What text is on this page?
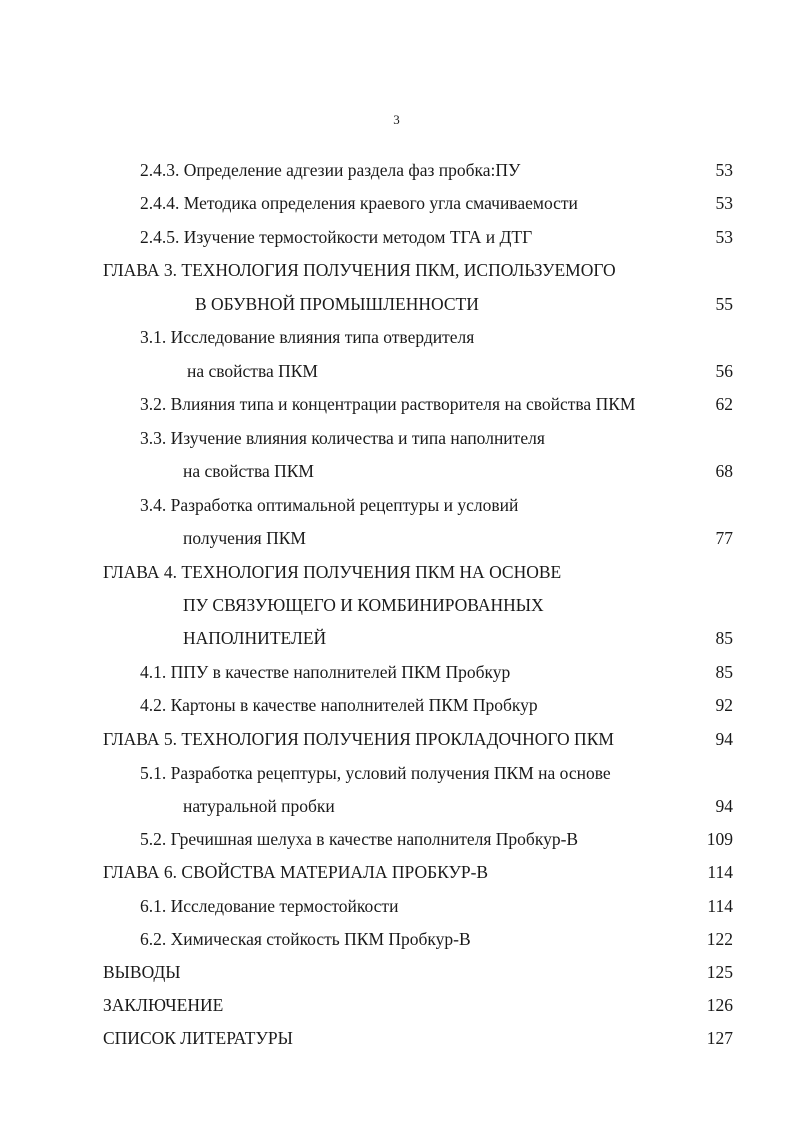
3
2.4.3. Определение адгезии раздела фаз пробка:ПУ	53
2.4.4. Методика определения краевого угла смачиваемости	53
2.4.5. Изучение термостойкости методом ТГА и ДТГ	53
ГЛАВА 3. ТЕХНОЛОГИЯ ПОЛУЧЕНИЯ ПКМ, ИСПОЛЬЗУЕМОГО
В ОБУВНОЙ ПРОМЫШЛЕННОСТИ	55
3.1. Исследование влияния типа отвердителя
на свойства ПКМ	56
3.2. Влияния типа и концентрации растворителя на свойства ПКМ	62
3.3. Изучение влияния количества и типа наполнителя
на свойства ПКМ	68
3.4. Разработка оптимальной рецептуры и условий
получения ПКМ	77
ГЛАВА 4. ТЕХНОЛОГИЯ ПОЛУЧЕНИЯ ПКМ НА ОСНОВЕ
ПУ СВЯЗУЮЩЕГО И КОМБИНИРОВАННЫХ
НАПОЛНИТЕЛЕЙ	85
4.1. ППУ в качестве наполнителей ПКМ Пробкур	85
4.2. Картоны в качестве наполнителей ПКМ Пробкур	92
ГЛАВА 5. ТЕХНОЛОГИЯ ПОЛУЧЕНИЯ ПРОКЛАДОЧНОГО ПКМ	94
5.1. Разработка рецептуры, условий получения ПКМ на основе
натуральной пробки	94
5.2. Гречишная шелуха в качестве наполнителя Пробкур-В	109
ГЛАВА 6. СВОЙСТВА МАТЕРИАЛА ПРОБКУР-В	114
6.1. Исследование термостойкости	114
6.2. Химическая стойкость ПКМ Пробкур-В	122
ВЫВОДЫ	125
ЗАКЛЮЧЕНИЕ	126
СПИСОК ЛИТЕРАТУРЫ	127
